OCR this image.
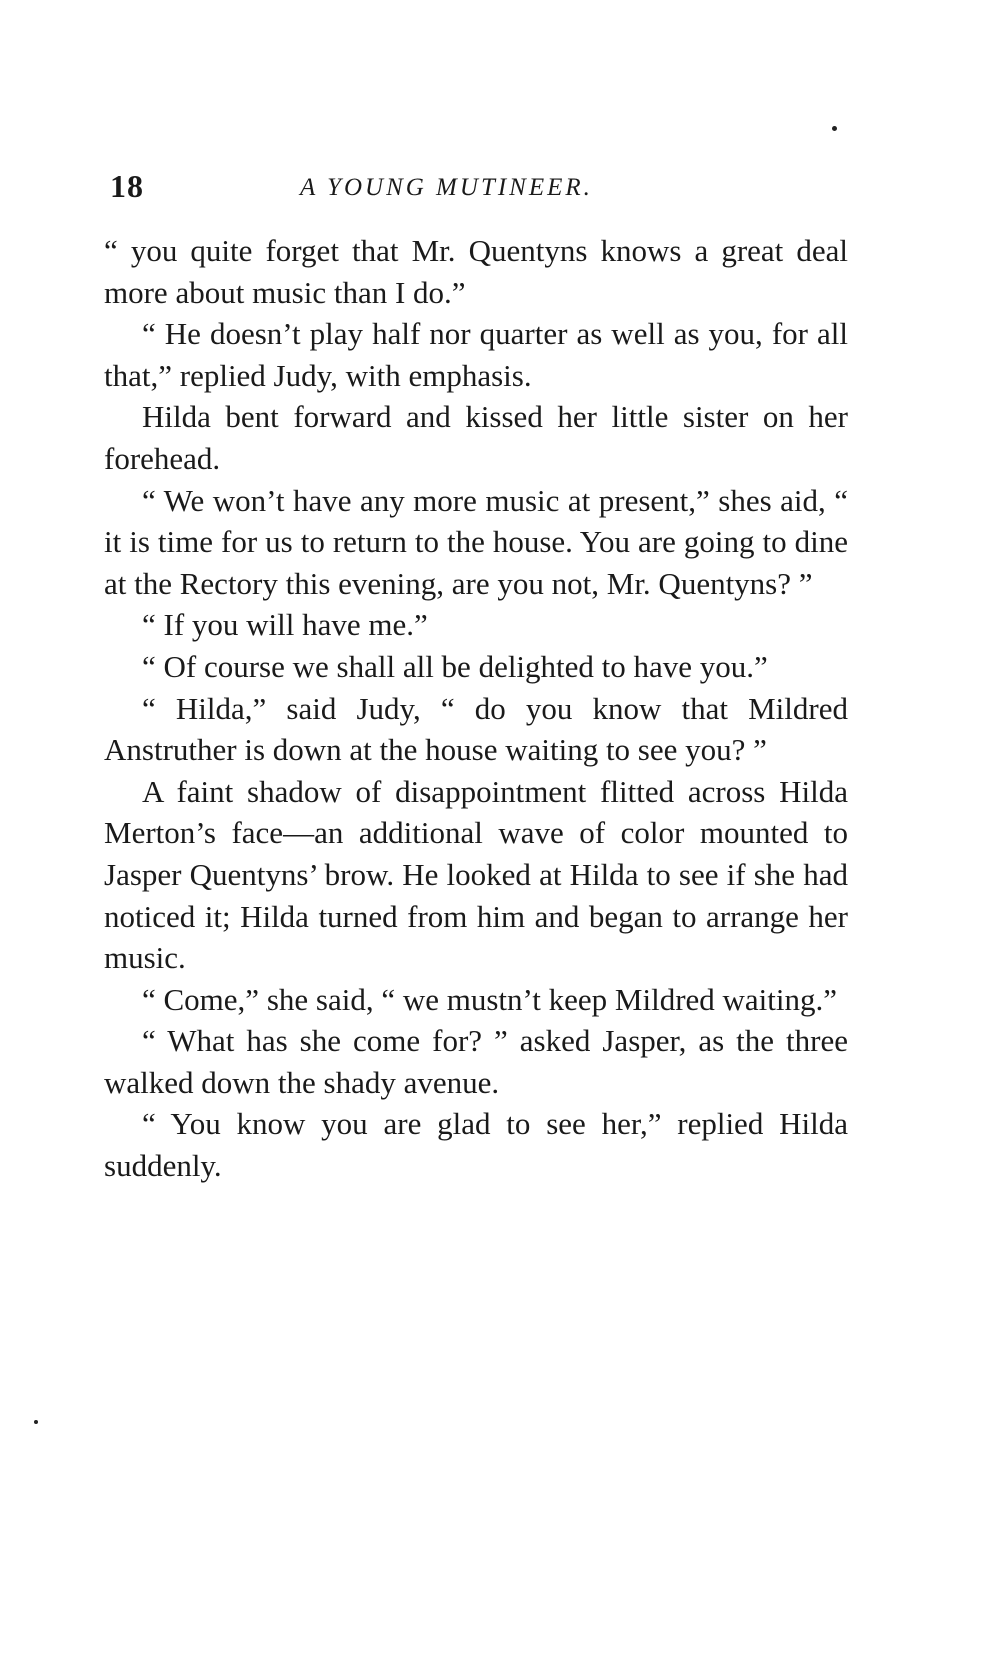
18	A YOUNG MUTINEER.

“ you quite forget that Mr. Quentyns knows a great deal more about music than I do.”

“ He doesn’t play half nor quarter as well as you, for all that,” replied Judy, with emphasis.

Hilda bent forward and kissed her little sister on her forehead.

“ We won’t have any more music at present,” shes aid, “ it is time for us to return to the house. You are going to dine at the Rectory this evening, are you not, Mr. Quentyns? ”

“ If you will have me.”

“ Of course we shall all be delighted to have you.”

“ Hilda,” said Judy, “ do you know that Mildred Anstruther is down at the house waiting to see you? ”

A faint shadow of disappointment flitted across Hilda Merton’s face—an additional wave of color mounted to Jasper Quentyns’ brow. He looked at Hilda to see if she had noticed it; Hilda turned from him and began to arrange her music.

“ Come,” she said, “ we mustn’t keep Mildred waiting.”

“ What has she come for? ” asked Jasper, as the three walked down the shady avenue.

“ You know you are glad to see her,” replied Hilda suddenly.
